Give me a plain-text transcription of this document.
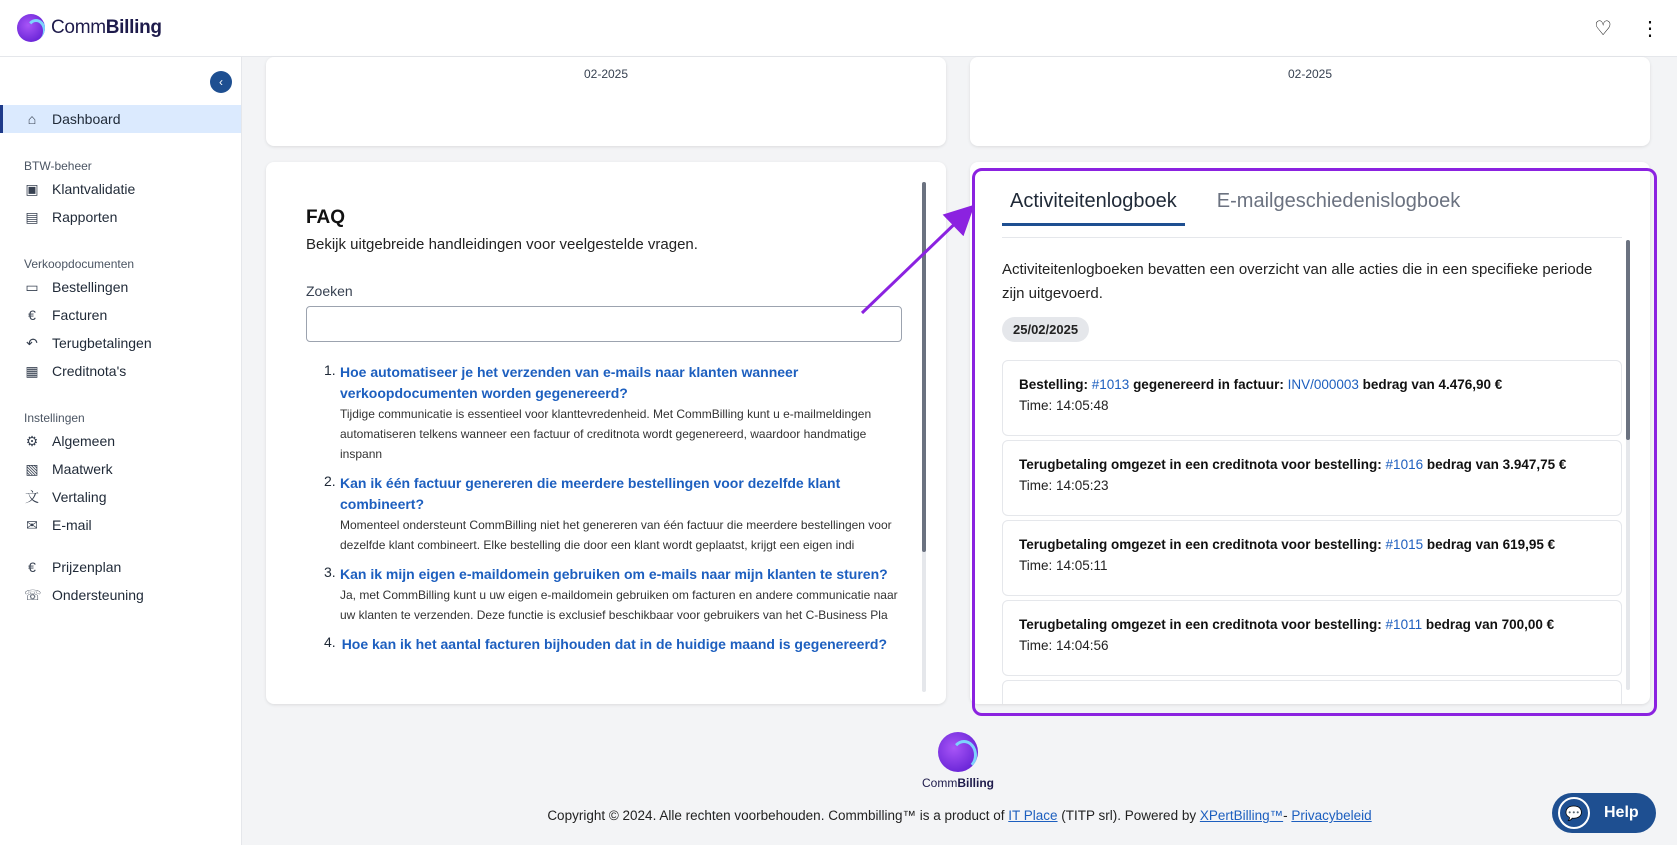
CommBilling	♡ ⋮
‹
⌂ Dashboard
BTW-beheer
▣ Klantvalidatie
▤ Rapporten
Verkoopdocumenten
▭ Bestellingen
€ Facturen
↶ Terugbetalingen
▦ Creditnota's
Instellingen
⚙ Algemeen
▧ Maatwerk
文 Vertaling
✉ E-mail
€ Prijzenplan
☏ Ondersteuning
02-2025	02-2025
FAQ
Bekijk uitgebreide handleidingen voor veelgestelde vragen.
Zoeken
1. Hoe automatiseer je het verzenden van e-mails naar klanten wanneer verkoopdocumenten worden gegenereerd?
Tijdige communicatie is essentieel voor klanttevredenheid. Met CommBilling kunt u e-mailmeldingen automatiseren telkens wanneer een factuur of creditnota wordt gegenereerd, waardoor handmatige inspann
2. Kan ik één factuur genereren die meerdere bestellingen voor dezelfde klant combineert?
Momenteel ondersteunt CommBilling niet het genereren van één factuur die meerdere bestellingen voor dezelfde klant combineert. Elke bestelling die door een klant wordt geplaatst, krijgt een eigen indi
3. Kan ik mijn eigen e-maildomein gebruiken om e-mails naar mijn klanten te sturen?
Ja, met CommBilling kunt u uw eigen e-maildomein gebruiken om facturen en andere communicatie naar uw klanten te verzenden. Deze functie is exclusief beschikbaar voor gebruikers van het C-Business Pla
4. Hoe kan ik het aantal facturen bijhouden dat in de huidige maand is gegenereerd?
Activiteitenlogboek	E-mailgeschiedenislogboek
Activiteitenlogboeken bevatten een overzicht van alle acties die in een specifieke periode zijn uitgevoerd.
25/02/2025
Bestelling: #1013 gegenereerd in factuur: INV/000003 bedrag van 4.476,90 €
Time: 14:05:48
Terugbetaling omgezet in een creditnota voor bestelling: #1016 bedrag van 3.947,75 €
Time: 14:05:23
Terugbetaling omgezet in een creditnota voor bestelling: #1015 bedrag van 619,95 €
Time: 14:05:11
Terugbetaling omgezet in een creditnota voor bestelling: #1011 bedrag van 700,00 €
Time: 14:04:56
CommBilling
Copyright © 2024. Alle rechten voorbehouden. Commbilling™ is a product of IT Place (TITP srl). Powered by XPertBilling™- Privacybeleid	💬	Help
